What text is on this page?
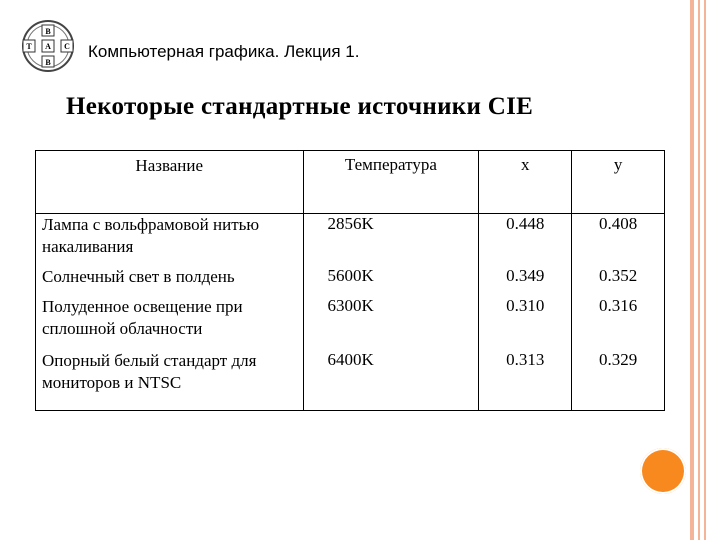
В
Т А С
В
Компьютерная графика. Лекция 1.
Некоторые стандартные источники CIE
Название	Температура	x	y
Лампа с вольфрамовой нитью накаливания	2856K	0.448	0.408
Солнечный свет в полдень	5600K	0.349	0.352
Полуденное освещение при сплошной облачности	6300K	0.310	0.316
Опорный белый стандарт для мониторов и NTSC	6400K	0.313	0.329
